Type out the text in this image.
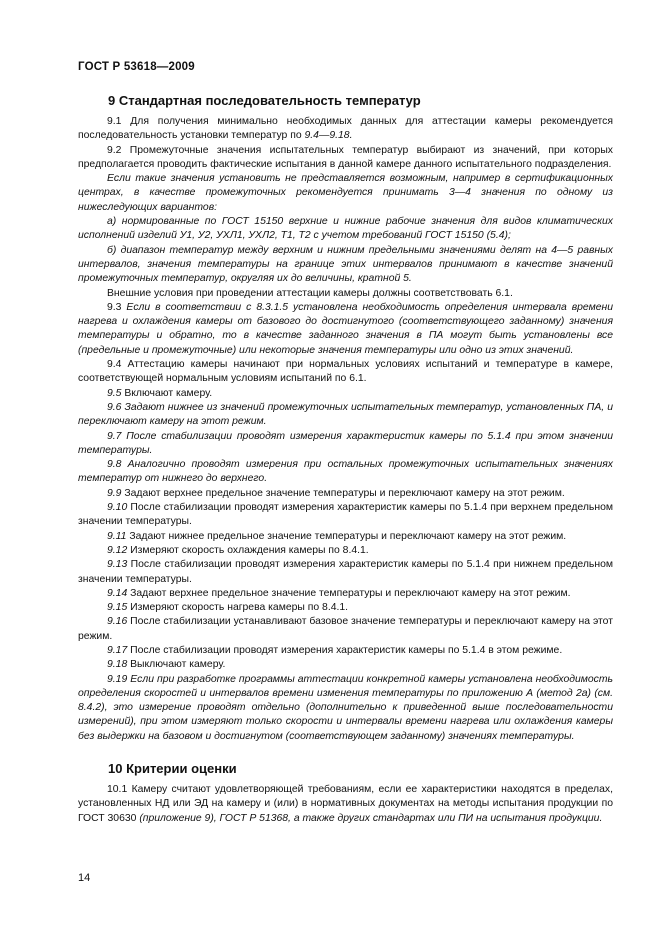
ГОСТ Р 53618—2009
9 Стандартная последовательность температур

9.1 Для получения минимально необходимых данных для аттестации камеры рекомендуется последовательность установки температур по 9.4—9.18.

9.2 Промежуточные значения испытательных температур выбирают из значений, при которых предполагается проводить фактические испытания в данной камере данного испытательного подразделения.

Если такие значения установить не представляется возможным, например в сертификационных центрах, в качестве промежуточных рекомендуется принимать 3—4 значения по одному из нижеследующих вариантов:

а) нормированные по ГОСТ 15150 верхние и нижние рабочие значения для видов климатических исполнений изделий У1, У2, УХЛ1, УХЛ2, Т1, Т2 с учетом требований ГОСТ 15150 (5.4);

б) диапазон температур между верхним и нижним предельными значениями делят на 4—5 равных интервалов, значения температуры на границе этих интервалов принимают в качестве значений промежуточных температур, округляя их до величины, кратной 5.

Внешние условия при проведении аттестации камеры должны соответствовать 6.1.

9.3 Если в соответствии с 8.3.1.5 установлена необходимость определения интервала времени нагрева и охлаждения камеры от базового до достигнутого (соответствующего заданному) значения температуры и обратно, то в качестве заданного значения в ПА могут быть установлены все (предельные и промежуточные) или некоторые значения температуры или одно из этих значений.

9.4 Аттестацию камеры начинают при нормальных условиях испытаний и температуре в камере, соответствующей нормальным условиям испытаний по 6.1.

9.5 Включают камеру.

9.6 Задают нижнее из значений промежуточных испытательных температур, установленных ПА, и переключают камеру на этот режим.

9.7 После стабилизации проводят измерения характеристик камеры по 5.1.4 при этом значении температуры.

9.8 Аналогично проводят измерения при остальных промежуточных испытательных значениях температур от нижнего до верхнего.

9.9 Задают верхнее предельное значение температуры и переключают камеру на этот режим.

9.10 После стабилизации проводят измерения характеристик камеры по 5.1.4 при верхнем предельном значении температуры.

9.11 Задают нижнее предельное значение температуры и переключают камеру на этот режим.

9.12 Измеряют скорость охлаждения камеры по 8.4.1.

9.13 После стабилизации проводят измерения характеристик камеры по 5.1.4 при нижнем предельном значении температуры.

9.14 Задают верхнее предельное значение температуры и переключают камеру на этот режим.

9.15 Измеряют скорость нагрева камеры по 8.4.1.

9.16 После стабилизации устанавливают базовое значение температуры и переключают камеру на этот режим.

9.17 После стабилизации проводят измерения характеристик камеры по 5.1.4 в этом режиме.

9.18 Выключают камеру.

9.19 Если при разработке программы аттестации конкретной камеры установлена необходимость определения скоростей и интервалов времени изменения температуры по приложению А (метод 2а) (см. 8.4.2), это измерение проводят отдельно (дополнительно к приведенной выше последовательности измерений), при этом измеряют только скорости и интервалы времени нагрева или охлаждения камеры без выдержки на базовом и достигнутом (соответствующем заданному) значениях температуры.

10 Критерии оценки

10.1 Камеру считают удовлетворяющей требованиям, если ее характеристики находятся в пределах, установленных НД или ЭД на камеру и (или) в нормативных документах на методы испытания продукции по ГОСТ 30630 (приложение 9), ГОСТ Р 51368, а также других стандартах или ПИ на испытания продукции.

14
